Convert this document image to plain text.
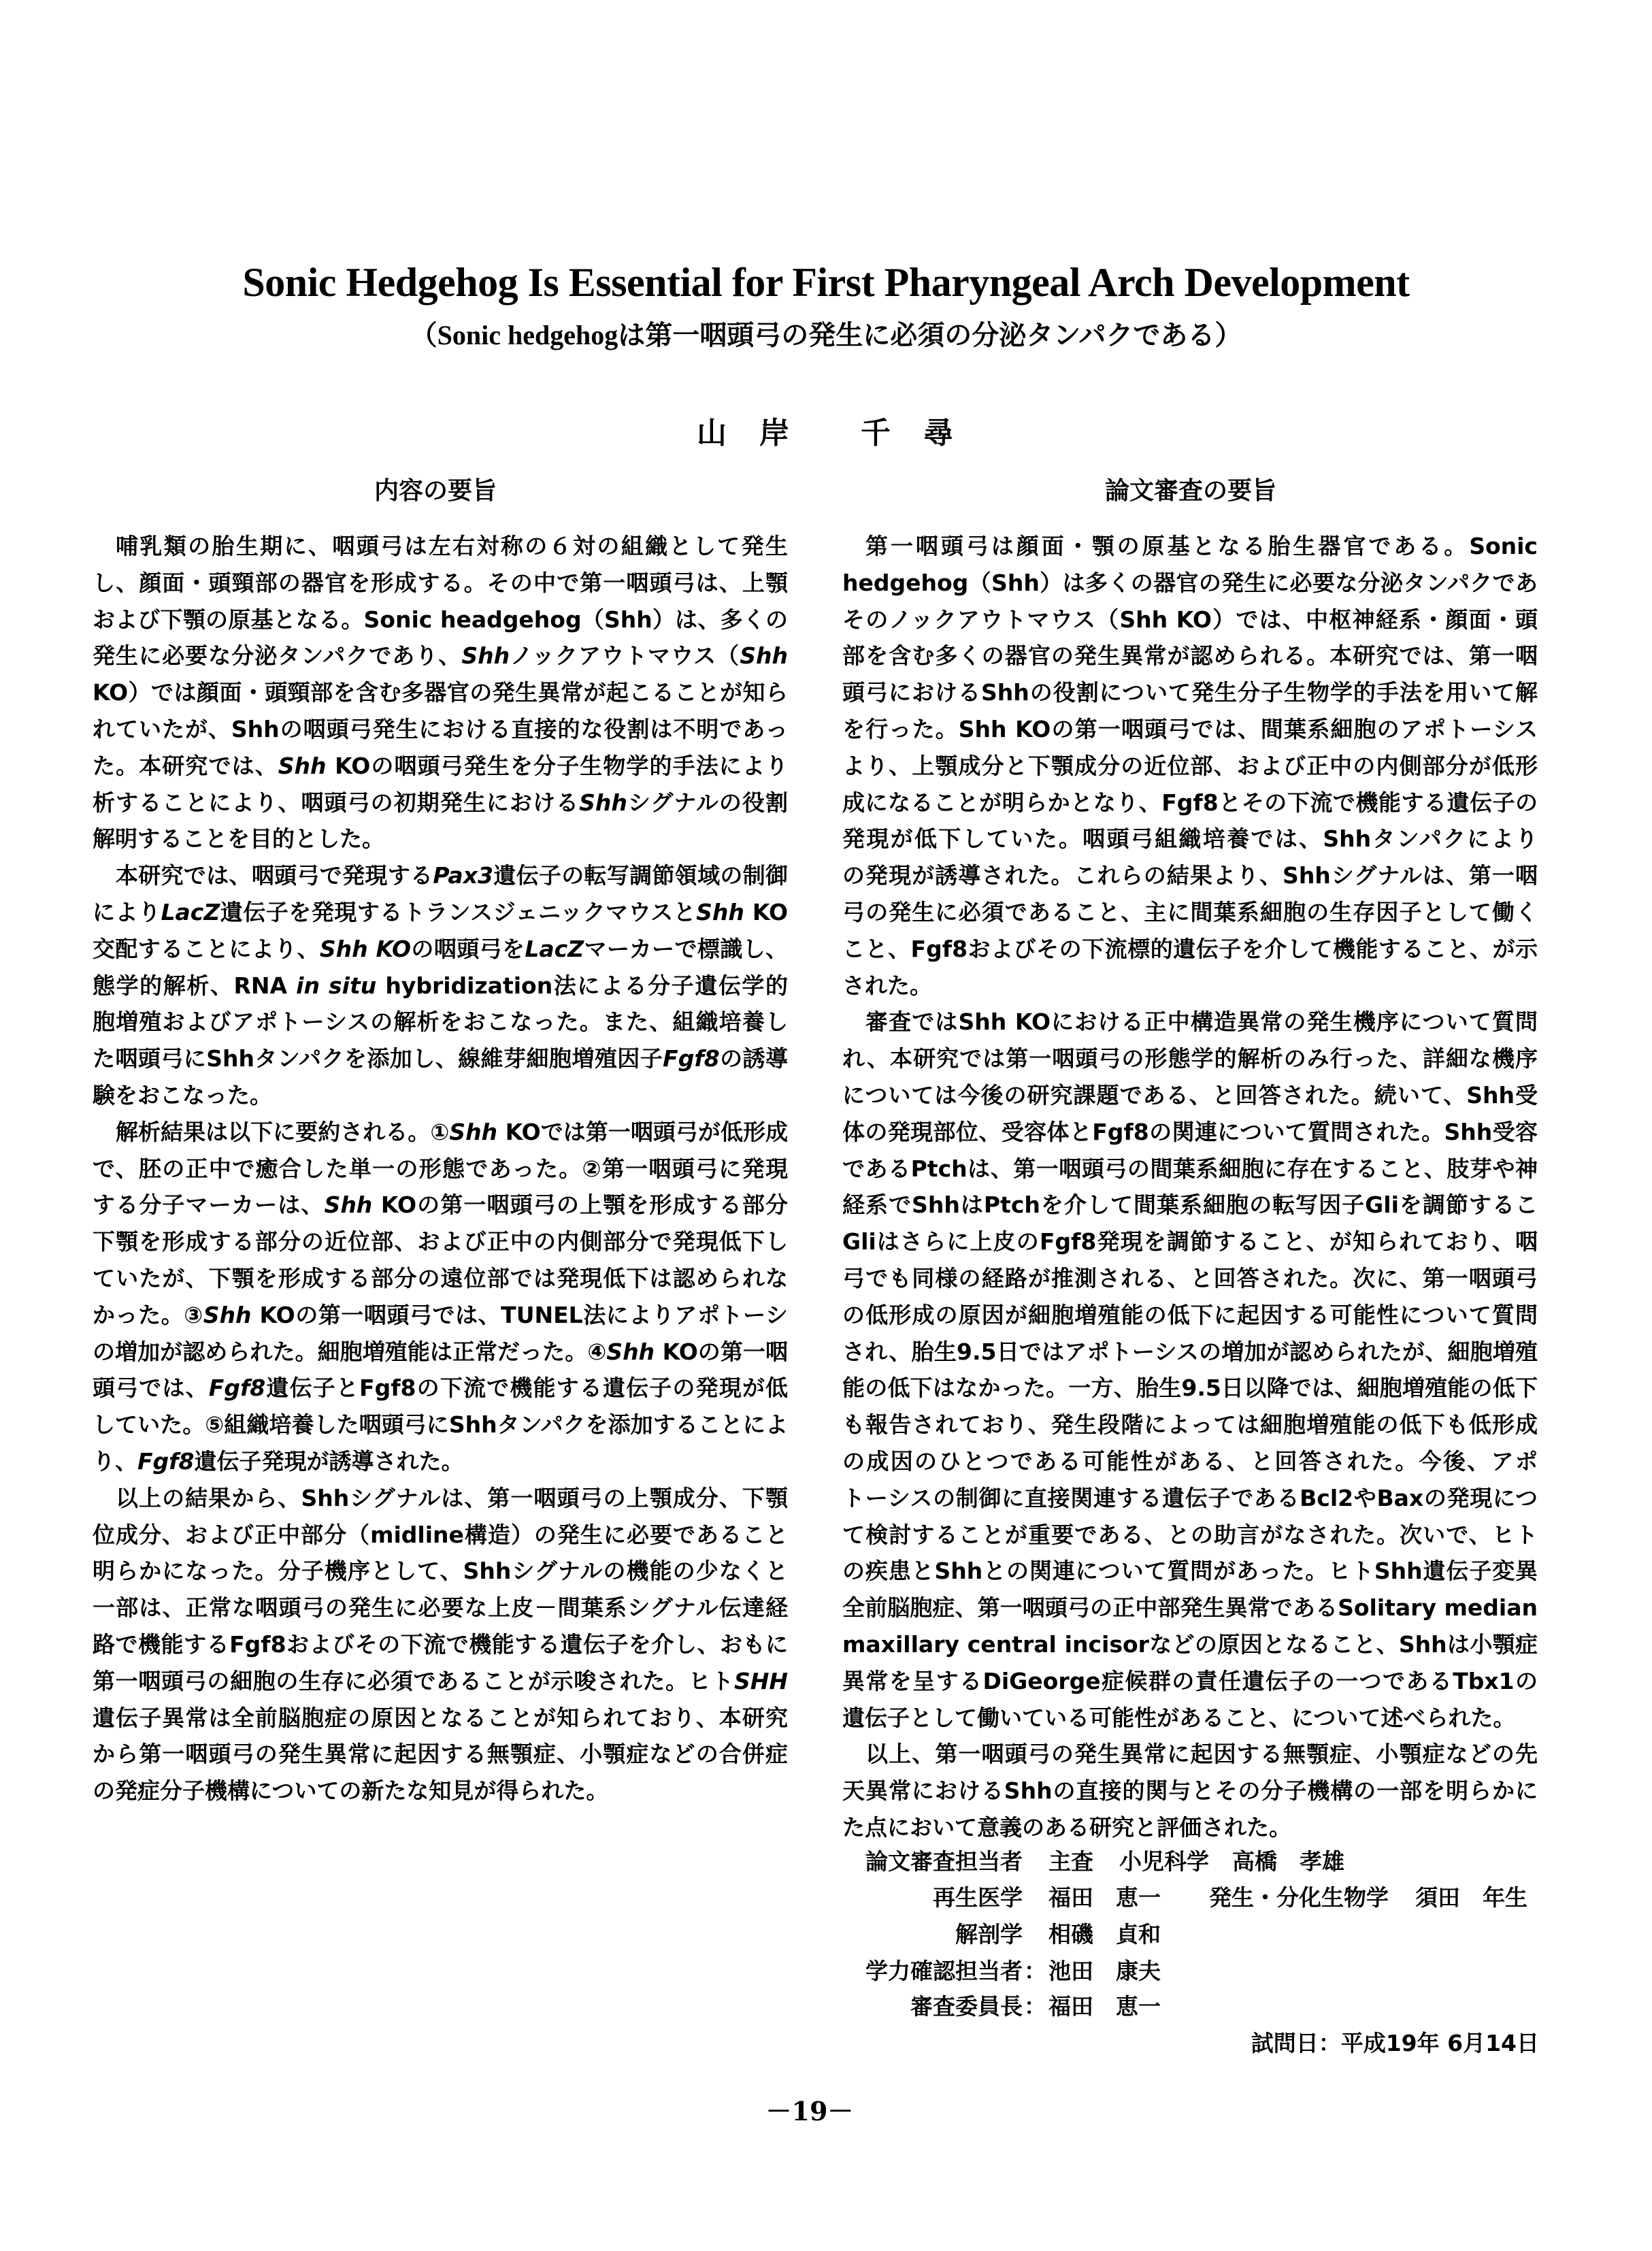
Sonic Hedgehog Is Essential for First Pharyngeal Arch Development
（Sonic hedgehogは第一咽頭弓の発生に必須の分泌タンパクである）
山岸 千尋
内容の要旨	論文審査の要旨
哺乳類の胎生期に、咽頭弓は左右対称の６対の組織として発生
し、顔面・頭頸部の器官を形成する。その中で第一咽頭弓は、上顎
および下顎の原基となる。Sonic headgehog（Shh）は、多くの
発生に必要な分泌タンパクであり、Shhノックアウトマウス（Shh
KO）では顔面・頭頸部を含む多器官の発生異常が起こることが知ら
れていたが、Shhの咽頭弓発生における直接的な役割は不明であっ
た。本研究では、Shh KOの咽頭弓発生を分子生物学的手法により
析することにより、咽頭弓の初期発生におけるShhシグナルの役割
解明することを目的とした。
本研究では、咽頭弓で発現するPax3遺伝子の転写調節領域の制御
によりLacZ遺伝子を発現するトランスジェニックマウスとShh KO
交配することにより、Shh KOの咽頭弓をLacZマーカーで標識し、
態学的解析、RNA in situ hybridization法による分子遺伝学的
胞増殖およびアポトーシスの解析をおこなった。また、組織培養し
た咽頭弓にShhタンパクを添加し、線維芽細胞増殖因子Fgf8の誘導
験をおこなった。
解析結果は以下に要約される。①Shh KOでは第一咽頭弓が低形成
で、胚の正中で癒合した単一の形態であった。②第一咽頭弓に発現
する分子マーカーは、Shh KOの第一咽頭弓の上顎を形成する部分
下顎を形成する部分の近位部、および正中の内側部分で発現低下し
ていたが、下顎を形成する部分の遠位部では発現低下は認められな
かった。③Shh KOの第一咽頭弓では、TUNEL法によりアポトーシ
の増加が認められた。細胞増殖能は正常だった。④Shh KOの第一咽
頭弓では、Fgf8遺伝子とFgf8の下流で機能する遺伝子の発現が低
していた。⑤組織培養した咽頭弓にShhタンパクを添加することによ
り、Fgf8遺伝子発現が誘導された。
以上の結果から、Shhシグナルは、第一咽頭弓の上顎成分、下顎
位成分、および正中部分（midline構造）の発生に必要であること
明らかになった。分子機序として、Shhシグナルの機能の少なくと
一部は、正常な咽頭弓の発生に必要な上皮－間葉系シグナル伝達経
路で機能するFgf8およびその下流で機能する遺伝子を介し、おもに
第一咽頭弓の細胞の生存に必須であることが示唆された。ヒトSHH
遺伝子異常は全前脳胞症の原因となることが知られており、本研究
から第一咽頭弓の発生異常に起因する無顎症、小顎症などの合併症
の発症分子機構についての新たな知見が得られた。
第一咽頭弓は顔面・顎の原基となる胎生器官である。Sonic
hedgehog（Shh）は多くの器官の発生に必要な分泌タンパクであ
そのノックアウトマウス（Shh KO）では、中枢神経系・顔面・頭
部を含む多くの器官の発生異常が認められる。本研究では、第一咽
頭弓におけるShhの役割について発生分子生物学的手法を用いて解
を行った。Shh KOの第一咽頭弓では、間葉系細胞のアポトーシス
より、上顎成分と下顎成分の近位部、および正中の内側部分が低形
成になることが明らかとなり、Fgf8とその下流で機能する遺伝子の
発現が低下していた。咽頭弓組織培養では、Shhタンパクにより
の発現が誘導された。これらの結果より、Shhシグナルは、第一咽
弓の発生に必須であること、主に間葉系細胞の生存因子として働く
こと、Fgf8およびその下流標的遺伝子を介して機能すること、が示
された。
審査ではShh KOにおける正中構造異常の発生機序について質問
れ、本研究では第一咽頭弓の形態学的解析のみ行った、詳細な機序
については今後の研究課題である、と回答された。続いて、Shh受
体の発現部位、受容体とFgf8の関連について質問された。Shh受容
であるPtchは、第一咽頭弓の間葉系細胞に存在すること、肢芽や神
経系でShhはPtchを介して間葉系細胞の転写因子Gliを調節するこ
Gliはさらに上皮のFgf8発現を調節すること、が知られており、咽
弓でも同様の経路が推測される、と回答された。次に、第一咽頭弓
の低形成の原因が細胞増殖能の低下に起因する可能性について質問
され、胎生9.5日ではアポトーシスの増加が認められたが、細胞増殖
能の低下はなかった。一方、胎生9.5日以降では、細胞増殖能の低下
も報告されており、発生段階によっては細胞増殖能の低下も低形成
の成因のひとつである可能性がある、と回答された。今後、アポ
トーシスの制御に直接関連する遺伝子であるBcl2やBaxの発現につ
て検討することが重要である、との助言がなされた。次いで、ヒト
の疾患とShhとの関連について質問があった。ヒトShh遺伝子変異
全前脳胞症、第一咽頭弓の正中部発生異常であるSolitary median
maxillary central incisorなどの原因となること、Shhは小顎症
異常を呈するDiGeorge症候群の責任遺伝子の一つであるTbx1の
遺伝子として働いている可能性があること、について述べられた。
以上、第一咽頭弓の発生異常に起因する無顎症、小顎症などの先
天異常におけるShhの直接的関与とその分子機構の一部を明らかに
た点において意義のある研究と評価された。
論文審査担当者 主査 小児科学 高橋　孝雄
再生医学 福田　恵一 発生・分化生物学 須田　年生
解剖学 相磯　貞和
学力確認担当者 ： 池田　康夫
審査委員長 ： 福田　恵一
試問日：平成19年 6月14日
－19－
